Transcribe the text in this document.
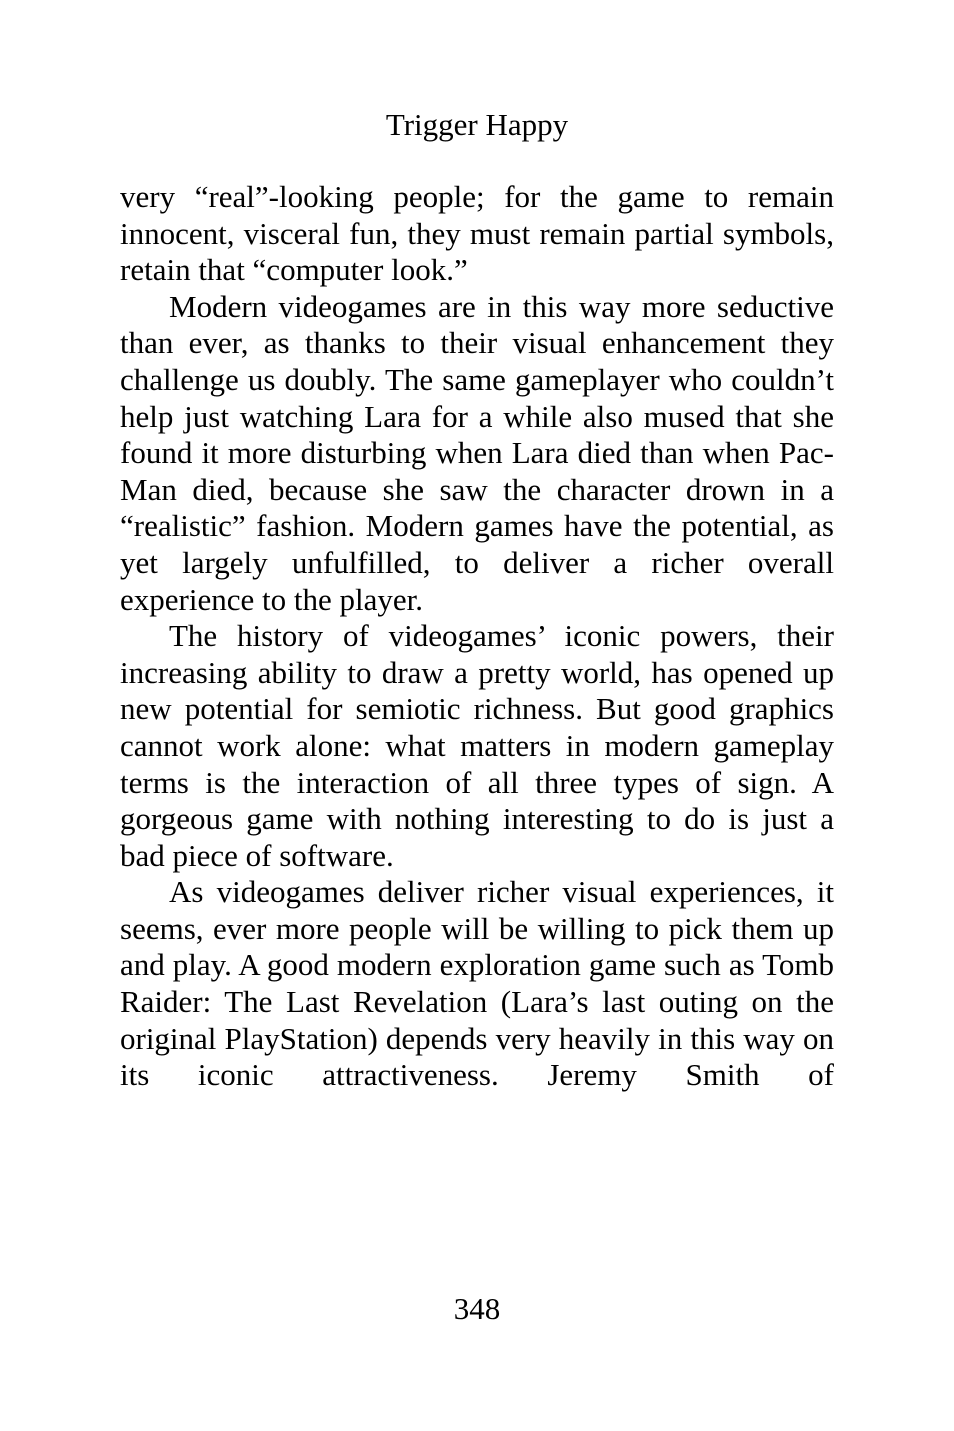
Trigger Happy

very “real”-looking people; for the game to remain innocent, visceral fun, they must remain partial symbols, retain that “computer look.”

Modern videogames are in this way more seductive than ever, as thanks to their visual enhancement they challenge us doubly. The same gameplayer who couldn’t help just watching Lara for a while also mused that she found it more disturbing when Lara died than when Pac-Man died, because she saw the character drown in a “realistic” fashion. Modern games have the potential, as yet largely unfulfilled, to deliver a richer overall experience to the player.

The history of videogames’ iconic powers, their increasing ability to draw a pretty world, has opened up new potential for semiotic richness. But good graphics cannot work alone: what matters in modern gameplay terms is the interaction of all three types of sign. A gorgeous game with nothing interesting to do is just a bad piece of software.

As videogames deliver richer visual experiences, it seems, ever more people will be willing to pick them up and play. A good modern exploration game such as Tomb Raider: The Last Revelation (Lara’s last outing on the original PlayStation) depends very heavily in this way on its iconic attractiveness. Jeremy Smith of

348
